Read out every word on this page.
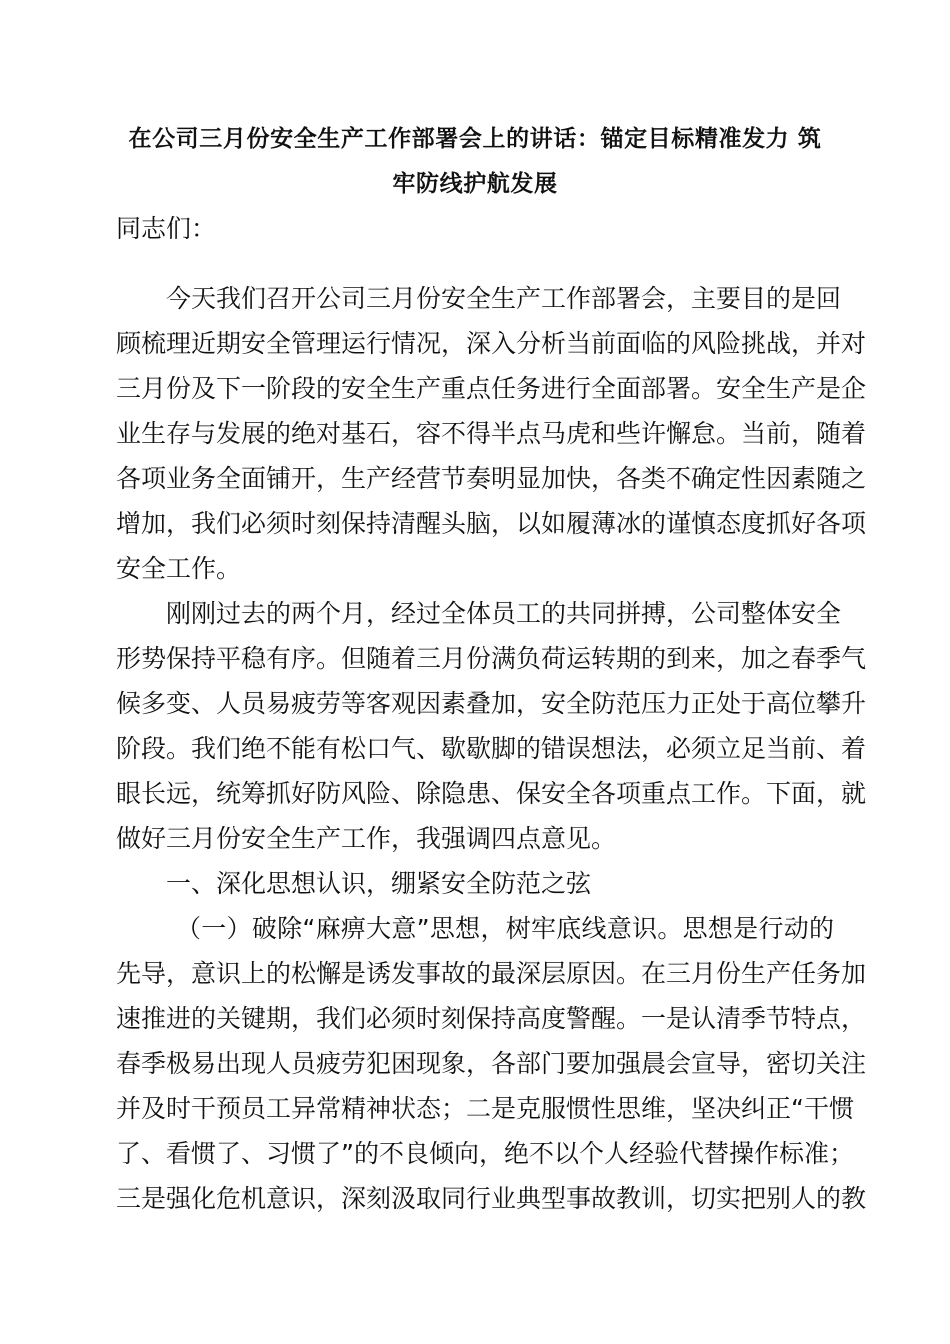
在公司三月份安全生产工作部署会上的讲话：锚定目标精准发力 筑
牢防线护航发展

同志们：

今天我们召开公司三月份安全生产工作部署会，主要目的是回

顾梳理近期安全管理运行情况，深入分析当前面临的风险挑战，并对

三月份及下一阶段的安全生产重点任务进行全面部署。安全生产是企

业生存与发展的绝对基石，容不得半点马虎和些许懈怠。当前，随着

各项业务全面铺开，生产经营节奏明显加快，各类不确定性因素随之

增加，我们必须时刻保持清醒头脑，以如履薄冰的谨慎态度抓好各项

安全工作。

刚刚过去的两个月，经过全体员工的共同拼搏，公司整体安全

形势保持平稳有序。但随着三月份满负荷运转期的到来，加之春季气

候多变、人员易疲劳等客观因素叠加，安全防范压力正处于高位攀升

阶段。我们绝不能有松口气、歇歇脚的错误想法，必须立足当前、着

眼长远，统筹抓好防风险、除隐患、保安全各项重点工作。下面，就

做好三月份安全生产工作，我强调四点意见。

一、深化思想认识，绷紧安全防范之弦

（一）破除“麻痹大意”思想，树牢底线意识。思想是行动的

先导，意识上的松懈是诱发事故的最深层原因。在三月份生产任务加

速推进的关键期，我们必须时刻保持高度警醒。一是认清季节特点，

春季极易出现人员疲劳犯困现象，各部门要加强晨会宣导，密切关注

并及时干预员工异常精神状态；二是克服惯性思维，坚决纠正“干惯

了、看惯了、习惯了”的不良倾向，绝不以个人经验代替操作标准；

三是强化危机意识，深刻汲取同行业典型事故教训，切实把别人的教
